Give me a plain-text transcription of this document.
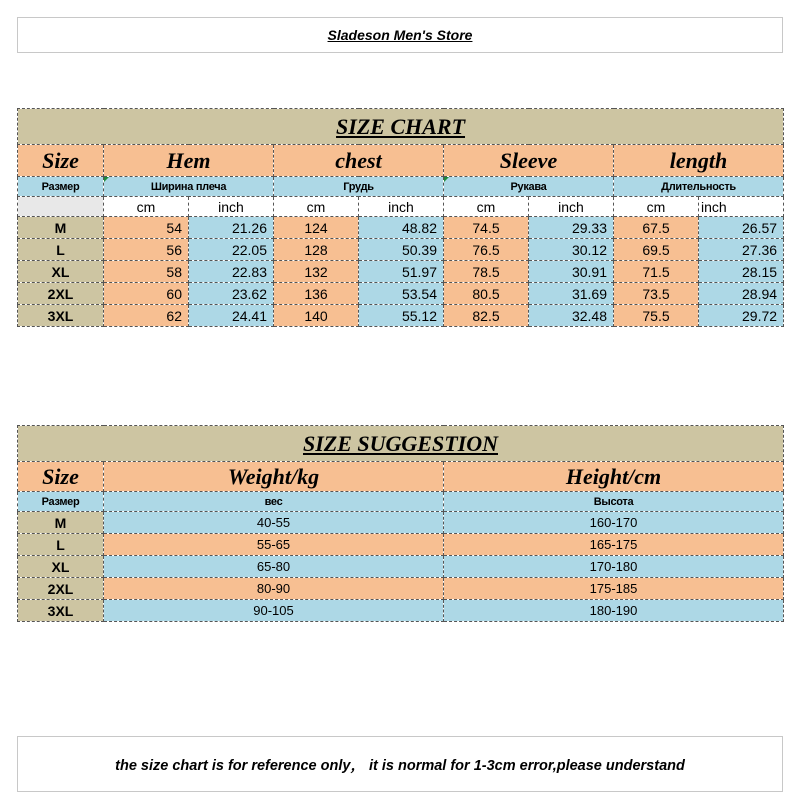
Sladeson Men's Store
SIZE CHART								
Size	Hem		chest		Sleeve		length	
Размер	Ширина плеча		Грудь		Рукава		Длительность	
	cm	inch	cm	inch	cm	inch	cm	inch
M	54	21.26	124	48.82	74.5	29.33	67.5	26.57
L	56	22.05	128	50.39	76.5	30.12	69.5	27.36
XL	58	22.83	132	51.97	78.5	30.91	71.5	28.15
2XL	60	23.62	136	53.54	80.5	31.69	73.5	28.94
3XL	62	24.41	140	55.12	82.5	32.48	75.5	29.72
SIZE SUGGESTION		
Size	Weight/kg	Height/cm
Размер	вес	Высота
M	40-55	160-170
L	55-65	165-175
XL	65-80	170-180
2XL	80-90	175-185
3XL	90-105	180-190
the size chart is for reference only， it is normal for 1-3cm error,please understand
